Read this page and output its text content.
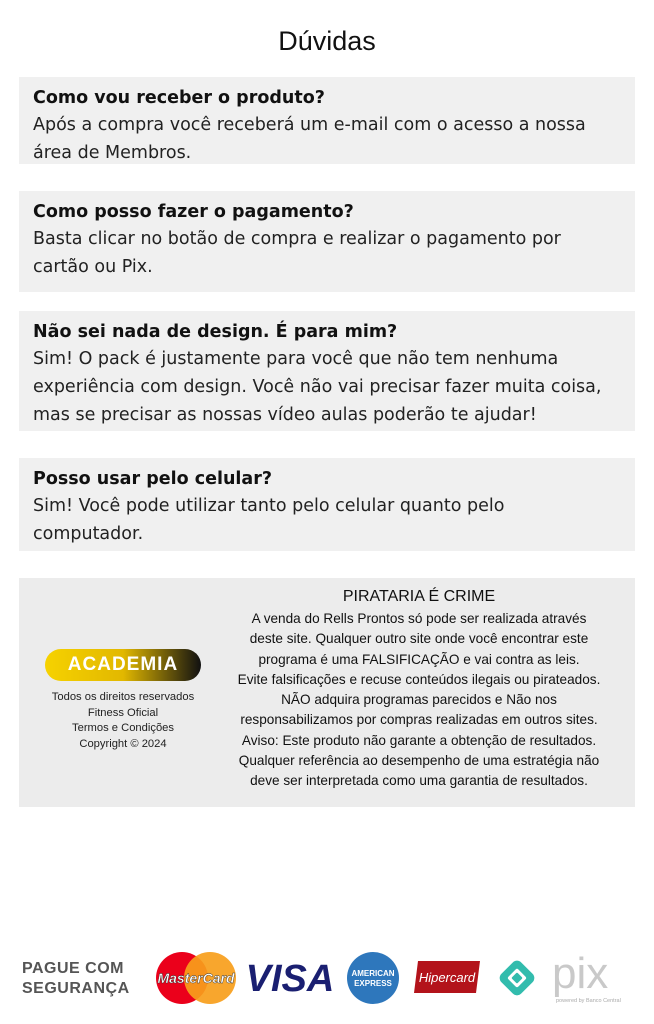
Dúvidas
Como vou receber o produto?
Após a compra você receberá um e-mail com o acesso a nossa
área de Membros.
Como posso fazer o pagamento?
Basta clicar no botão de compra e realizar o pagamento por
cartão ou Pix.
Não sei nada de design. É para mim?
Sim! O pack é justamente para você que não tem nenhuma
experiência com design. Você não vai precisar fazer muita coisa,
mas se precisar as nossas vídeo aulas poderão te ajudar!
Posso usar pelo celular?
Sim! Você pode utilizar tanto pelo celular quanto pelo
computador.
ACADEMIA
Todos os direitos reservados
Fitness Oficial
Termos e Condições
Copyright © 2024
PIRATARIA É CRIME
A venda do Rells Prontos só pode ser realizada através
deste site. Qualquer outro site onde você encontrar este
programa é uma FALSIFICAÇÃO e vai contra as leis.
Evite falsificações e recuse conteúdos ilegais ou pirateados.
NÃO adquira programas parecidos e Não nos
responsabilizamos por compras realizadas em outros sites.
Aviso: Este produto não garante a obtenção de resultados.
Qualquer referência ao desempenho de uma estratégia não
deve ser interpretada como uma garantia de resultados.
PAGUE COM
SEGURANÇA
MasterCard VISA AMERICAN
EXPRESS Hipercard pix
powered by Banco Central
